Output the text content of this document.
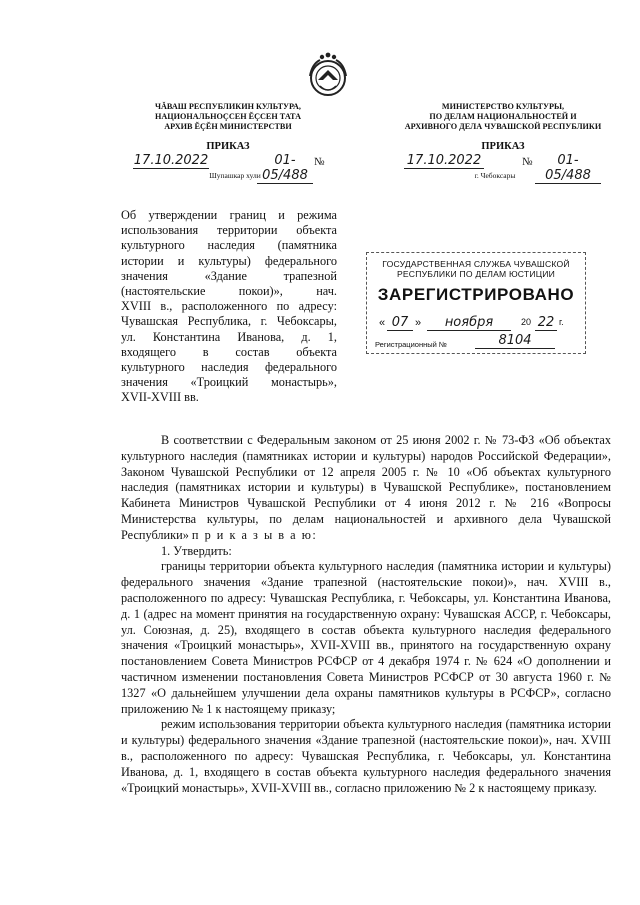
ЧĂВАШ РЕСПУБЛИКИН КУЛЬТУРА,
НАЦИОНАЛЬНОÇСЕН ĔÇСЕН ТАТА
АРХИВ ĔÇĔН МИНИСТЕРСТВИ
ПРИКАЗ
17.10.2022	01-05/488
№
Шупашкар хули
МИНИСТЕРСТВО КУЛЬТУРЫ,
ПО ДЕЛАМ НАЦИОНАЛЬНОСТЕЙ И
АРХИВНОГО ДЕЛА ЧУВАШСКОЙ РЕСПУБЛИКИ
ПРИКАЗ
17.10.2022	№	01-05/488
г. Чебоксары
Об утверждении границ и режима
использования территории объекта
культурного наследия (памятника
истории и культуры) федерального
значения «Здание трапезной
(настоятельские покои)», нач.
XVIII в., расположенного по адресу:
Чувашская Республика, г. Чебоксары,
ул. Константина Иванова, д. 1,
входящего в состав объекта
культурного наследия федерального
значения «Троицкий монастырь»,
XVII-XVIII вв.
ГОСУДАРСТВЕННАЯ СЛУЖБА ЧУВАШСКОЙ
РЕСПУБЛИКИ ПО ДЕЛАМ ЮСТИЦИИ
ЗАРЕГИСТРИРОВАНО
« 07 »	ноября	20 22 г.
Регистрационный №	8104

В соответствии с Федеральным законом от 25 июня 2002 г. № 73-ФЗ «Об объектах культурного наследия (памятниках истории и культуры) народов Российской Федерации», Законом Чувашской Республики от 12 апреля 2005 г. № 10 «Об объектах культурного наследия (памятниках истории и культуры) в Чувашской Республике», постановлением Кабинета Министров Чувашской Республики от 4 июня 2012 г. № 216 «Вопросы Министерства культуры, по делам национальностей и архивного дела Чувашской Республики» п р и к а з ы в а ю:

1. Утвердить:

границы территории объекта культурного наследия (памятника истории и культуры) федерального значения «Здание трапезной (настоятельские покои)», нач. XVIII в., расположенного по адресу: Чувашская Республика, г. Чебоксары, ул. Константина Иванова, д. 1 (адрес на момент принятия на государственную охрану: Чувашская АССР, г. Чебоксары, ул. Союзная, д. 25), входящего в состав объекта культурного наследия федерального значения «Троицкий монастырь», XVII-XVIII вв., принятого на государственную охрану постановлением Совета Министров РСФСР от 4 декабря 1974 г. № 624 «О дополнении и частичном изменении постановления Совета Министров РСФСР от 30 августа 1960 г. № 1327 «О дальнейшем улучшении дела охраны памятников культуры в РСФСР», согласно приложению № 1 к настоящему приказу;

режим использования территории объекта культурного наследия (памятника истории и культуры) федерального значения «Здание трапезной (настоятельские покои)», нач. XVIII в., расположенного по адресу: Чувашская Республика, г. Чебоксары, ул. Константина Иванова, д. 1, входящего в состав объекта культурного наследия федерального значения «Троицкий монастырь», XVII-XVIII вв., согласно приложению № 2 к настоящему приказу.
